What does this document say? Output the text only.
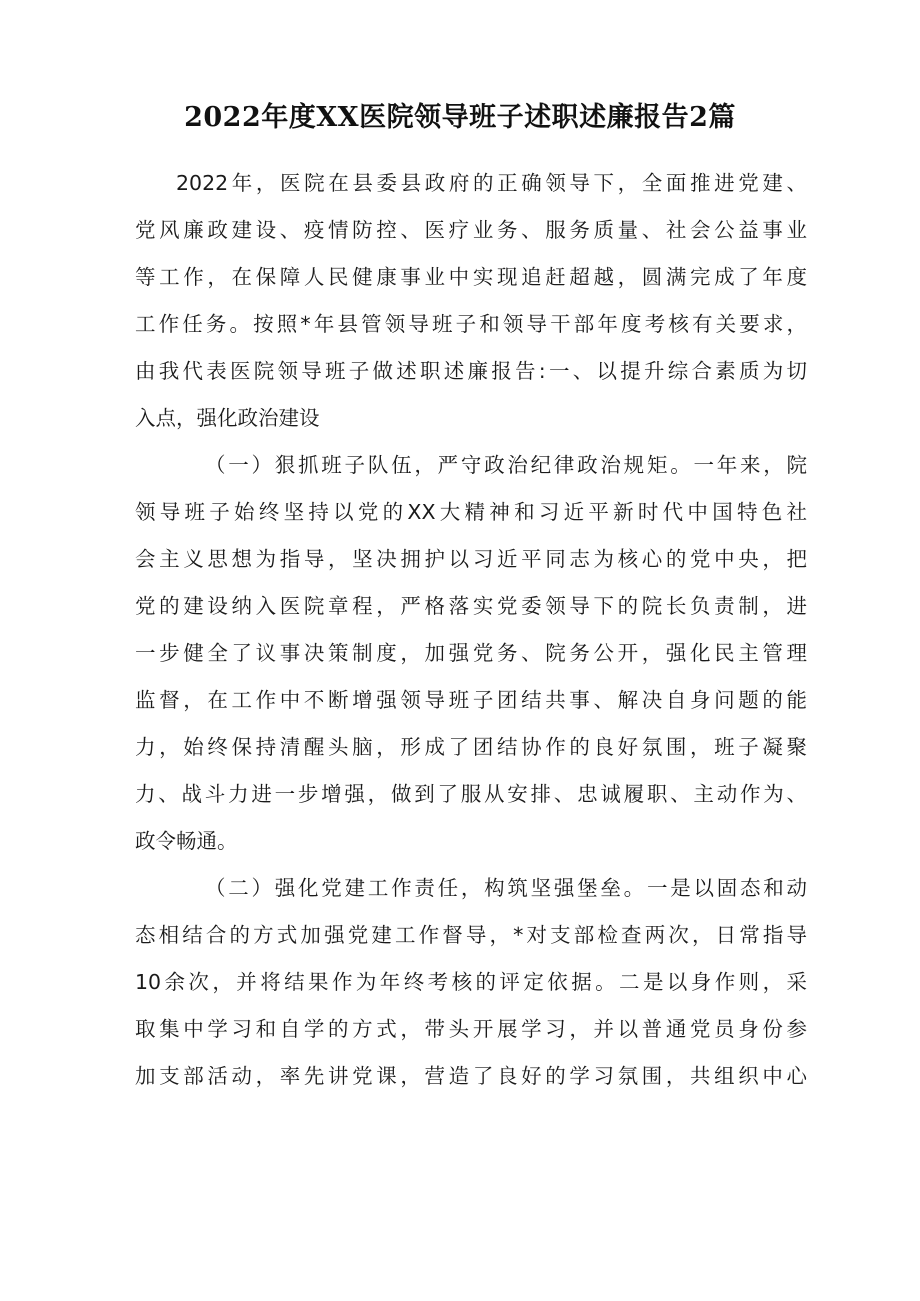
2022年度XX医院领导班子述职述廉报告2篇
2022年，医院在县委县政府的正确领导下，全面推进党建、
党风廉政建设、疫情防控、医疗业务、服务质量、社会公益事业
等工作，在保障人民健康事业中实现追赶超越，圆满完成了年度
工作任务。按照*年县管领导班子和领导干部年度考核有关要求，
由我代表医院领导班子做述职述廉报告:一、以提升综合素质为切
入点，强化政治建设
（一）狠抓班子队伍，严守政治纪律政治规矩。一年来，院
领导班子始终坚持以党的XX大精神和习近平新时代中国特色社
会主义思想为指导，坚决拥护以习近平同志为核心的党中央，把
党的建设纳入医院章程，严格落实党委领导下的院长负责制，进
一步健全了议事决策制度，加强党务、院务公开，强化民主管理
监督，在工作中不断增强领导班子团结共事、解决自身问题的能
力，始终保持清醒头脑，形成了团结协作的良好氛围，班子凝聚
力、战斗力进一步增强，做到了服从安排、忠诚履职、主动作为、
政令畅通。
（二）强化党建工作责任，构筑坚强堡垒。一是以固态和动
态相结合的方式加强党建工作督导，*对支部检查两次，日常指导
10余次，并将结果作为年终考核的评定依据。二是以身作则，采
取集中学习和自学的方式，带头开展学习，并以普通党员身份参
加支部活动，率先讲党课，营造了良好的学习氛围，共组织中心
